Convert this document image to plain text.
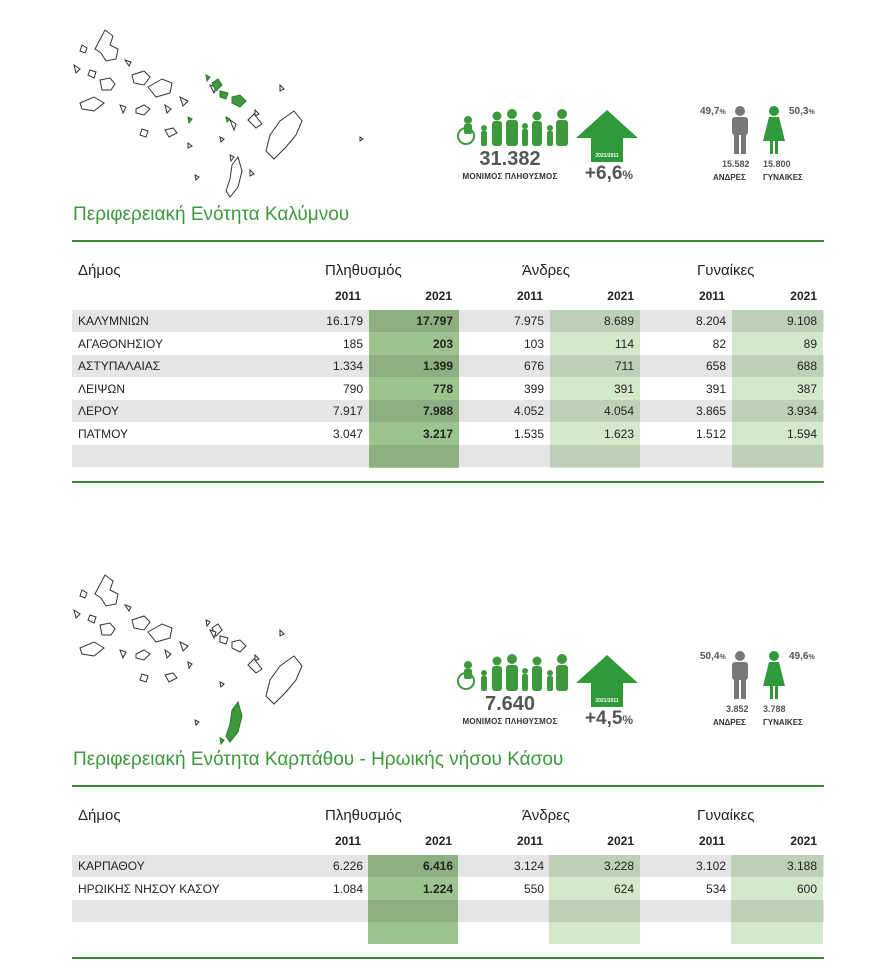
31.382
ΜΟΝΙΜΟΣ ΠΛΗΘΥΣΜΟΣ
2021/2011
+6,6%
49,7%	50,3%
15.582 15.800
ΑΝΔΡΕΣ ΓΥΝΑΙΚΕΣ
Περιφερειακή Ενότητα Καλύμνου
Δήμος	Πληθυσμός	Άνδρες	Γυναίκες
2011	2021	2011	2021	2011	2021
ΚΑΛΥΜΝΙΩΝ	16.179	17.797	7.975	8.689	8.204	9.108
ΑΓΑΘΟΝΗΣΙΟΥ	185	203	103	114	82	89
ΑΣΤΥΠΑΛΑΙΑΣ	1.334	1.399	676	711	658	688
ΛΕΙΨΩΝ	790	778	399	391	391	387
ΛΕΡΟΥ	7.917	7.988	4.052	4.054	3.865	3.934
ΠΑΤΜΟΥ	3.047	3.217	1.535	1.623	1.512	1.594
7.640
ΜΟΝΙΜΟΣ ΠΛΗΘΥΣΜΟΣ
2021/2011
+4,5%
50,4%	49,6%
3.852 3.788
ΑΝΔΡΕΣ ΓΥΝΑΙΚΕΣ
Περιφερειακή Ενότητα Καρπάθου - Ηρωικής νήσου Κάσου
Δήμος	Πληθυσμός	Άνδρες	Γυναίκες
2011	2021	2011	2021	2011	2021
ΚΑΡΠΑΘΟΥ	6.226	6.416	3.124	3.228	3.102	3.188
ΗΡΩΙΚΗΣ ΝΗΣΟΥ ΚΑΣΟΥ	1.084	1.224	550	624	534	600
